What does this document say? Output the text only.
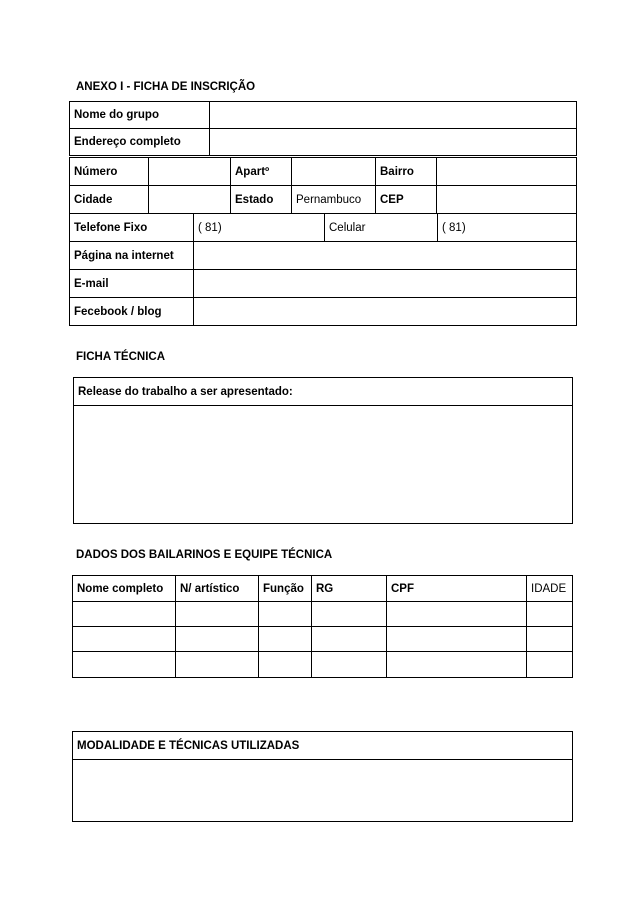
ANEXO I - FICHA DE INSCRIÇÃO
Nome do grupo	
Endereço completo	
Número		Apartº		Bairro	
Cidade		Estado	Pernambuco	CEP	
Telefone Fixo	( 81)	Celular	( 81)
Página na internet			
E-mail			
Fecebook / blog			
FICHA TÉCNICA
Release do trabalho a ser apresentado:

DADOS DOS BAILARINOS E EQUIPE TÉCNICA
Nome completo	N/ artístico	Função	RG	CPF	IDADE

MODALIDADE E TÉCNICAS UTILIZADAS
